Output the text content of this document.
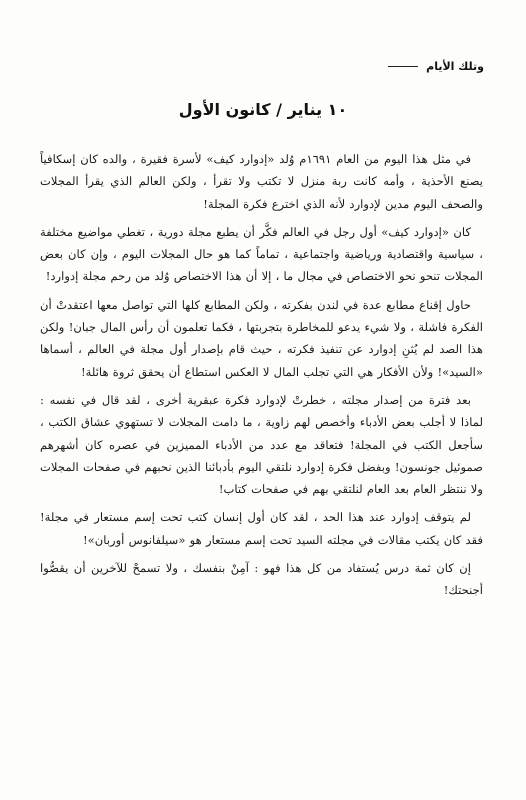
وتلك الأيام
١٠ يناير / كانون الأول

في مثل هذا اليوم من العام ١٦٩١م وُلد «إدوارد كيف» لأسرة فقيرة ، والده كان إسكافياً يصنع الأحذية ، وأمه كانت ربة منزل لا تكتب ولا تقرأ ، ولكن العالم الذي يقرأ المجلات والصحف اليوم مدين لإدوارد لأنه الذي اخترع فكرة المجلة!

كان «إدوارد كيف» أول رجل في العالم فكَّر أن يطبع مجلة دورية ، تغطي مواضيع مختلفة ، سياسية واقتصادية ورياضية واجتماعية ، تماماً كما هو حال المجلات اليوم ، وإن كان بعض المجلات تنحو نحو الاختصاص في مجال ما ، إلا أن هذا الاختصاص وُلد من رحم مجلة إدوارد!

حاول إقناع مطابع عدة في لندن بفكرته ، ولكن المطابع كلها التي تواصل معها اعتقدتْ أن الفكرة فاشلة ، ولا شيء يدعو للمخاطرة بتجربتها ، فكما تعلمون أن رأس المال جبان! ولكن هذا الصد لم يُثنِ إدوارد عن تنفيذ فكرته ، حيث قام بإصدار أول مجلة في العالم ، أسماها «السيد»! ولأن الأفكار هي التي تجلب المال لا العكس استطاع أن يحقق ثروة هائلة!

بعد فترة من إصدار مجلته ، خطرتْ لإدوارد فكرة عبقرية أخرى ، لقد قال في نفسه : لماذا لا أجلب بعض الأدباء وأخصص لهم زاوية ، ما دامت المجلات لا تستهوي عشاق الكتب ، سأجعل الكتب في المجلة! فتعاقد مع عدد من الأدباء المميزين في عصره كان أشهرهم صموئيل جونسون! وبفضل فكرة إدوارد نلتقي اليوم بأدبائنا الذين نحبهم في صفحات المجلات ولا ننتظر العام بعد العام لنلتقي بهم في صفحات كتاب!

لم يتوقف إدوارد عند هذا الحد ، لقد كان أول إنسان كتب تحت إسم مستعار في مجلة! فقد كان يكتب مقالات في مجلته السيد تحت إسم مستعار هو «سيلفانوس أوربان»!

إن كان ثمة درس يُستفاد من كل هذا فهو : آمِنْ بنفسك ، ولا تسمحْ للآخرين أن يقصُّوا أجنحتك!
